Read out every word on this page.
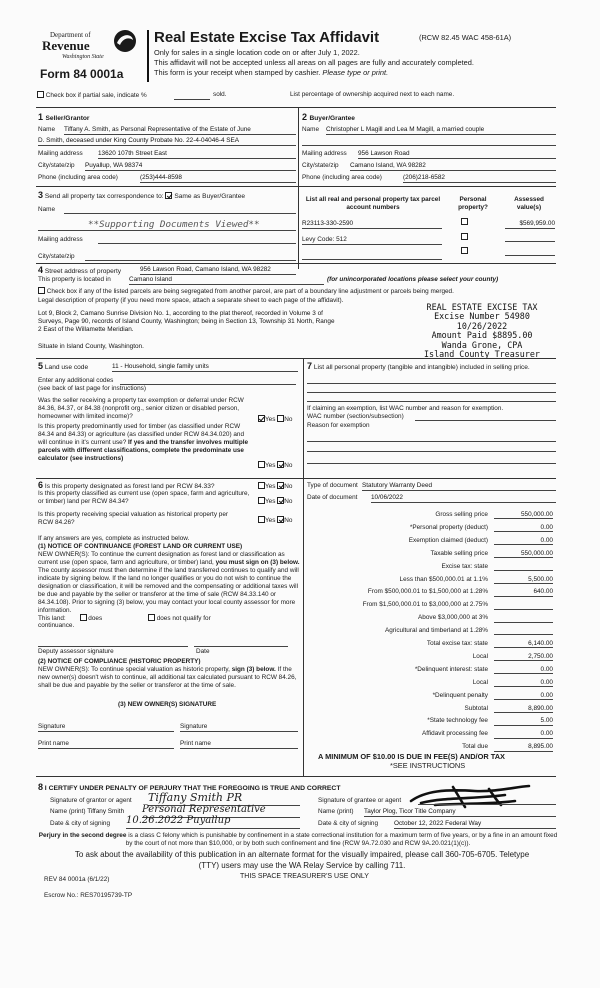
Department of
Revenue
Washington State
Form 84 0001a
Real Estate Excise Tax Affidavit	(RCW 82.45 WAC 458-61A)
Only for sales in a single location code on or after July 1, 2022.
This affidavit will not be accepted unless all areas on all pages are fully and accurately completed.
This form is your receipt when stamped by cashier. Please type or print.
Check box if partial sale, indicate %	sold.	List percentage of ownership acquired next to each name.
1 Seller/Grantor
Name Tiffany A. Smith, as Personal Representative of the Estate of June
D. Smith, deceased under King County Probate No. 22-4-04046-4 SEA
Mailing address 13620 107th Street East
City/state/zip Puyallup, WA 98374
Phone (including area code)	(253)444-8598
2 Buyer/Grantee
Name Christopher L Magill and Lea M Magill, a married couple
Mailing address 956 Lawson Road
City/state/zip Camano Island, WA 98282
Phone (including area code)	(206)218-6582
3 Send all property tax correspondence to: Same as Buyer/Grantee
Name
**Supporting Documents Viewed**
Mailing address
City/state/zip
List all real and personal property tax parcel account numbers
Personal property?
Assessed value(s)
R23113-330-2590	$569,959.00
Levy Code: 512
4 Street address of property	956 Lawson Road, Camano Island, WA 98282
This property is located in	Camano Island	(for unincorporated locations please select your county)
Check box if any of the listed parcels are being segregated from another parcel, are part of a boundary line adjustment or parcels being merged.
Legal description of property (if you need more space, attach a separate sheet to each page of the affidavit).
Lot 9, Block 2, Camano Sunrise Division No. 1, according to the plat thereof, recorded in Volume 3 of
Surveys, Page 90, records of Island County, Washington; being in Section 13, Township 31 North, Range
2 East of the Willamette Meridian.
Situate in Island County, Washington.
REAL ESTATE EXCISE TAX
Excise Number 54980
10/26/2022
Amount Paid $8895.00
Wanda Grone, CPA
Island County Treasurer
5 Land use code	11 - Household, single family units
Enter any additional codes
(see back of last page for instructions)
Was the seller receiving a property tax exemption or deferral under RCW 84.36, 84.37, or 84.38 (nonprofit org., senior citizen or disabled person, homeowner with limited income)?	Yes No
Is this property predominantly used for timber (as classified under RCW 84.34 and 84.33) or agriculture (as classified under RCW 84.34.020) and will continue in it's current use? If yes and the transfer involves multiple parcels with different classifications, complete the predominate use calculator (see instructions)
Yes No
7 List all personal property (tangible and intangible) included in selling price.
If claiming an exemption, list WAC number and reason for exemption.
WAC number (section/subsection)
Reason for exemption
6 Is this property designated as forest land per RCW 84.33?	Yes No
Is this property classified as current use (open space, farm and agriculture, or timber) land per RCW 84.34?	Yes No
Is this property receiving special valuation as historical property per RCW 84.26?	Yes No
If any answers are yes, complete as instructed below.
(1) NOTICE OF CONTINUANCE (FOREST LAND OR CURRENT USE)
NEW OWNER(S): To continue the current designation as forest land or classification as current use (open space, farm and agriculture, or timber) land, you must sign on (3) below. The county assessor must then determine if the land transferred continues to qualify and will indicate by signing below. If the land no longer qualifies or you do not wish to continue the designation or classification, it will be removed and the compensating or additional taxes will be due and payable by the seller or transferor at the time of sale (RCW 84.33.140 or 84.34.108). Prior to signing (3) below, you may contact your local county assessor for more information.
This land:	does	does not qualify for
continuance.
Deputy assessor signature	Date
(2) NOTICE OF COMPLIANCE (HISTORIC PROPERTY)
NEW OWNER(S): To continue special valuation as historic property, sign (3) below. If the new owner(s) doesn't wish to continue, all additional tax calculated pursuant to RCW 84.26, shall be due and payable by the seller or transferor at the time of sale.
(3) NEW OWNER(S) SIGNATURE
Signature	Signature
Print name	Print name
Type of document Statutory Warranty Deed
Date of document 10/06/2022
Gross selling price	550,000.00
*Personal property (deduct)	0.00
Exemption claimed (deduct)	0.00
Taxable selling price	550,000.00
Excise tax: state
Less than $500,000.01 at 1.1%	5,500.00
From $500,000.01 to $1,500,000 at 1.28%	640.00
From $1,500,000.01 to $3,000,000 at 2.75%
Above $3,000,000 at 3%
Agricultural and timberland at 1.28%
Total excise tax: state	6,140.00
Local	2,750.00
*Delinquent interest: state	0.00
Local	0.00
*Delinquent penalty	0.00
Subtotal	8,890.00
*State technology fee	5.00
Affidavit processing fee	0.00
Total due	8,895.00
A MINIMUM OF $10.00 IS DUE IN FEE(S) AND/OR TAX
*SEE INSTRUCTIONS
8 I CERTIFY UNDER PENALTY OF PERJURY THAT THE FOREGOING IS TRUE AND CORRECT
Signature of grantor or agent Tiffany Smith PR
Name (print) Tiffany Smith Personal Representative
Date & city of signing 10.26.2022 Puyallup
Signature of grantee or agent
Name (print) Taylor Plog, Ticor Title Company
Date & city of signing October 12, 2022 Federal Way
Perjury in the second degree is a class C felony which is punishable by confinement in a state correctional institution for a maximum term of five years, or by a fine in an amount fixed by the court of not more than $10,000, or by both such confinement and fine (RCW 9A.72.030 and RCW 9A.20.021(1)(c)).
To ask about the availability of this publication in an alternate format for the visually impaired, please call 360-705-6705. Teletype
(TTY) users may use the WA Relay Service by calling 711.
REV 84 0001a (6/1/22)	THIS SPACE TREASURER'S USE ONLY
Escrow No.: RES70195739-TP
